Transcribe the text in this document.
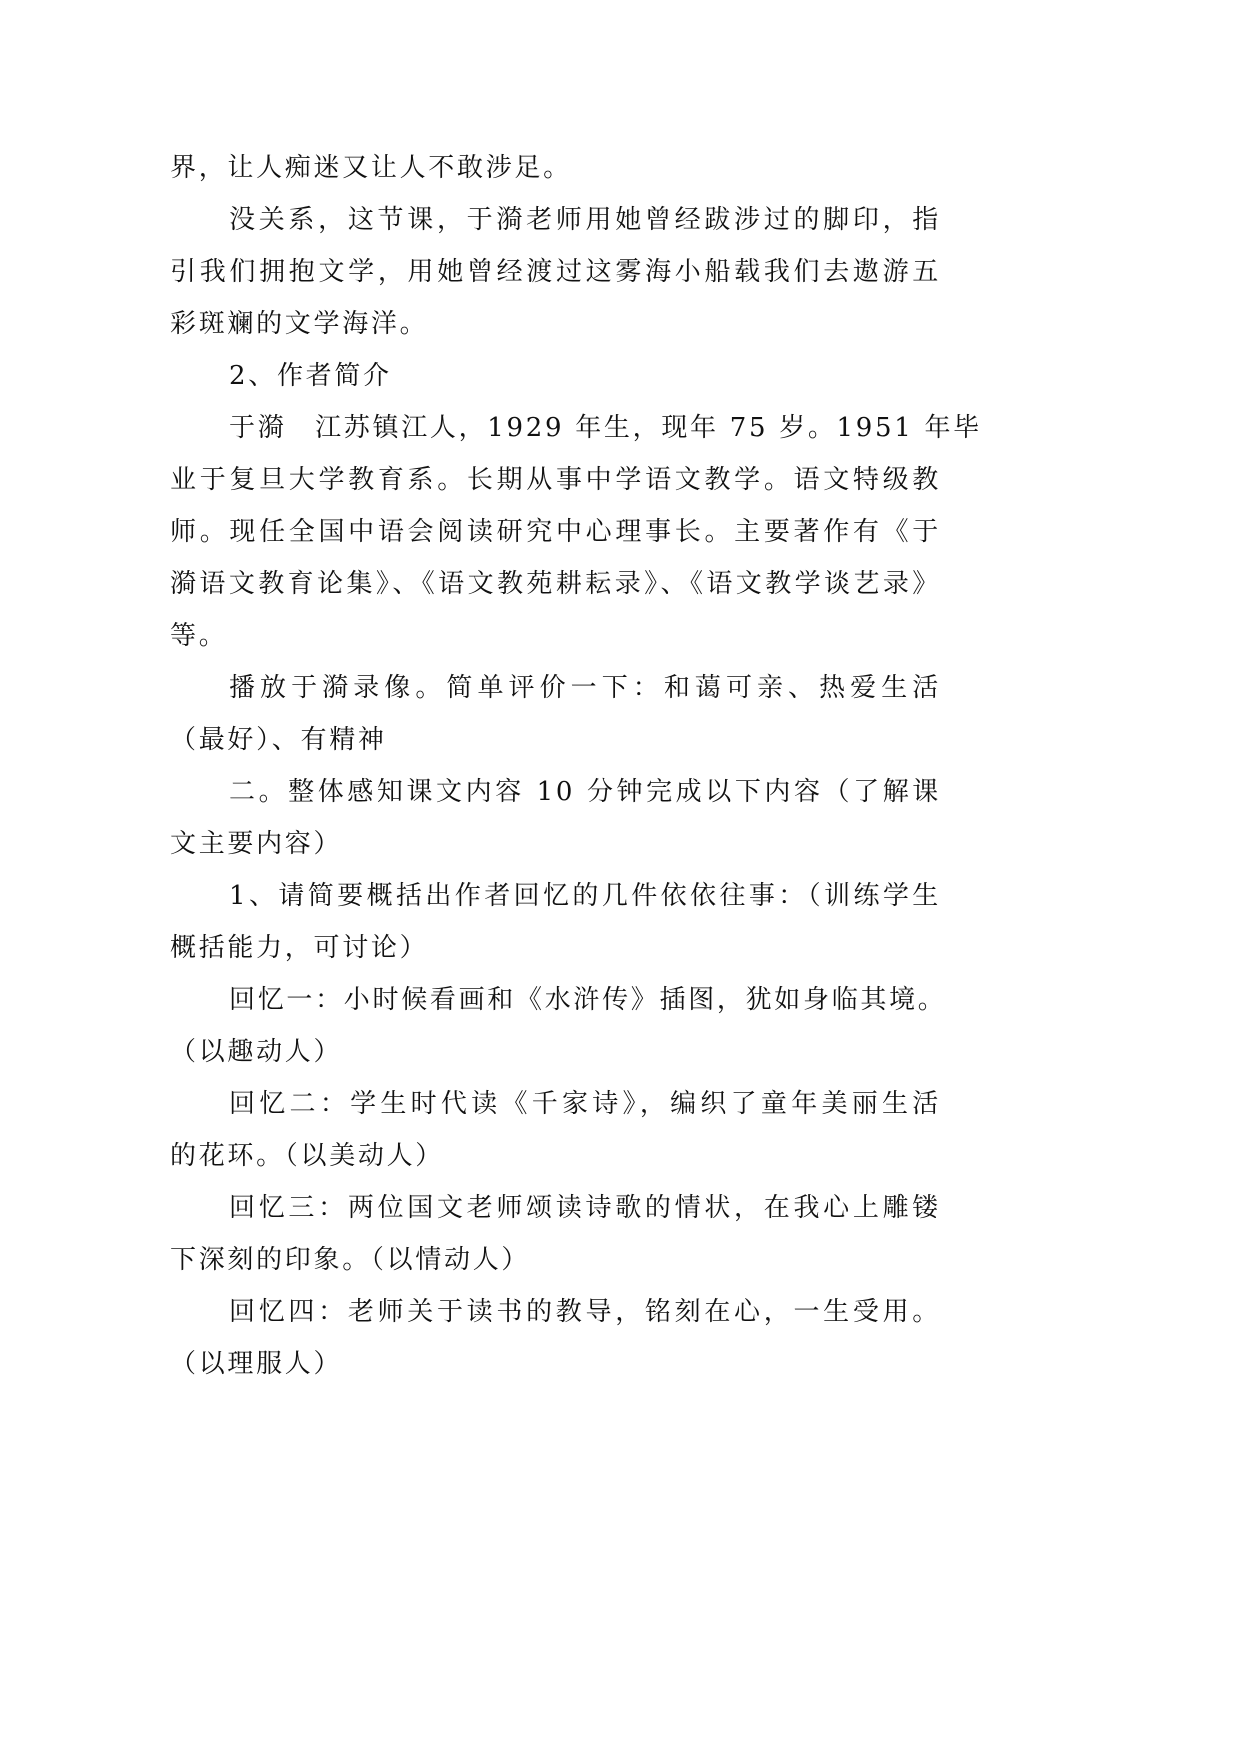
界，让人痴迷又让人不敢涉足。
没关系，这节课，于漪老师用她曾经跋涉过的脚印，指
引我们拥抱文学，用她曾经渡过这雾海小船载我们去遨游五
彩斑斓的文学海洋。
2、作者简介
于漪　江苏镇江人，1929 年生，现年 75 岁。1951 年毕
业于复旦大学教育系。长期从事中学语文教学。语文特级教
师。现任全国中语会阅读研究中心理事长。主要著作有《于
漪语文教育论集》、《语文教苑耕耘录》、《语文教学谈艺录》
等。
播放于漪录像。简单评价一下：和蔼可亲、热爱生活
（最好）、有精神
二。整体感知课文内容 10 分钟完成以下内容（了解课
文主要内容）
1、请简要概括出作者回忆的几件依依往事：（训练学生
概括能力，可讨论）
回忆一：小时候看画和《水浒传》插图，犹如身临其境。
（以趣动人）
回忆二：学生时代读《千家诗》，编织了童年美丽生活
的花环。（以美动人）
回忆三：两位国文老师颂读诗歌的情状，在我心上雕镂
下深刻的印象。（以情动人）
回忆四：老师关于读书的教导，铭刻在心，一生受用。
（以理服人）
